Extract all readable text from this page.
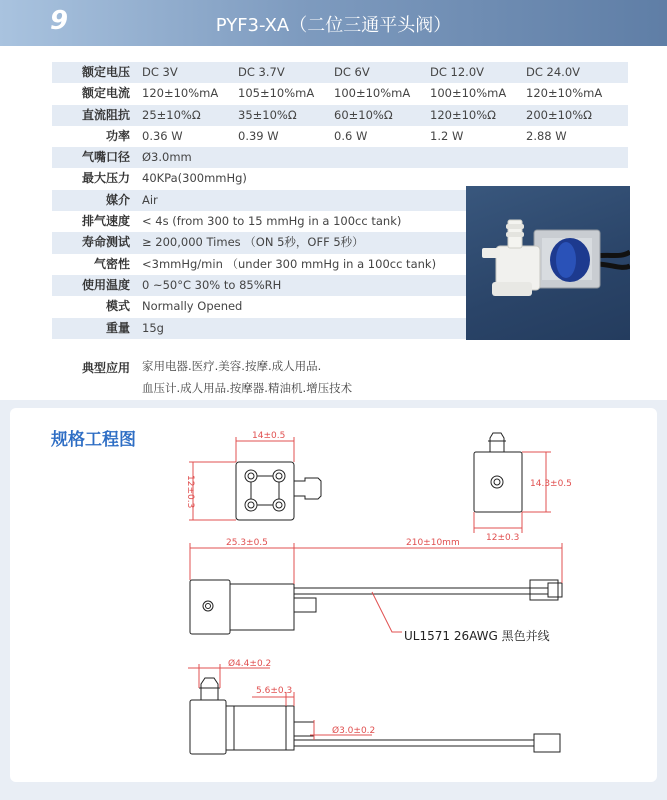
9	PYF3-XA（二位三通平头阀）
额定电压 DC 3V	DC 3.7V	DC 6V	DC 12.0V	DC 24.0V
额定电流 120±10%mA 105±10%mA 100±10%mA 100±10%mA 120±10%mA
直流阻抗 25±10%Ω	35±10%Ω	60±10%Ω	120±10%Ω	200±10%Ω
功率 0.36 W	0.39 W	0.6 W	1.2 W	2.88 W
气嘴口径 Ø3.0mm
最大压力 40KPa(300mmHg)
媒介 Air
排气速度 < 4s (from 300 to 15 mmHg in a 100cc tank)
寿命测试 ≥ 200,000 Times （ON 5秒，OFF 5秒）
气密性 <3mmHg/min （under 300 mmHg in a 100cc tank)
使用温度 0 ~50°C 30% to 85%RH
模式 Normally Opened
重量 15g
典型应用 家用电器.医疗.美容.按摩.成人用品.
血压计.成人用品.按摩器.精油机.增压技术
规格工程图	14±0.5
12±0.3	14.3±0.5
12±0.3
25.3±0.5	210±10mm
UL1571 26AWG 黑色并线
Ø4.4±0.2
5.6±0.3
Ø3.0±0.2
